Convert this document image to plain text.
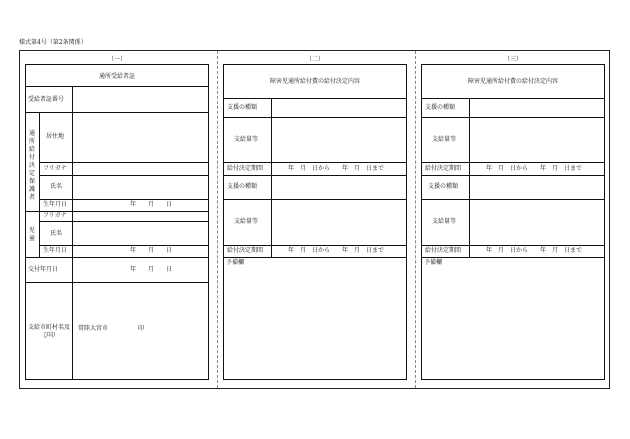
様式第4号（第2条関係）
（一）
通所受給者証
受給者証番号
通所給付決定保護者
居住地
フリガナ
氏名
生年月日	年　　月　　日
児童
フリガナ
氏名
生年月日	年　　月　　日
交付年月日	年　　月　　日
支給市町村名及び印
常陸大宮市	印
（二）
障害児通所給付費の給付決定内容
支援の種類
支給量等
給付決定期間	年　月　日から　　年　月　日まで
支援の種類
支給量等
給付決定期間	年　月　日から　　年　月　日まで
予備欄
（三）
障害児通所給付費の給付決定内容
支援の種類
支給量等
給付決定期間	年　月　日から　　年　月　日まで
支援の種類
支給量等
給付決定期間	年　月　日から　　年　月　日まで
予備欄
